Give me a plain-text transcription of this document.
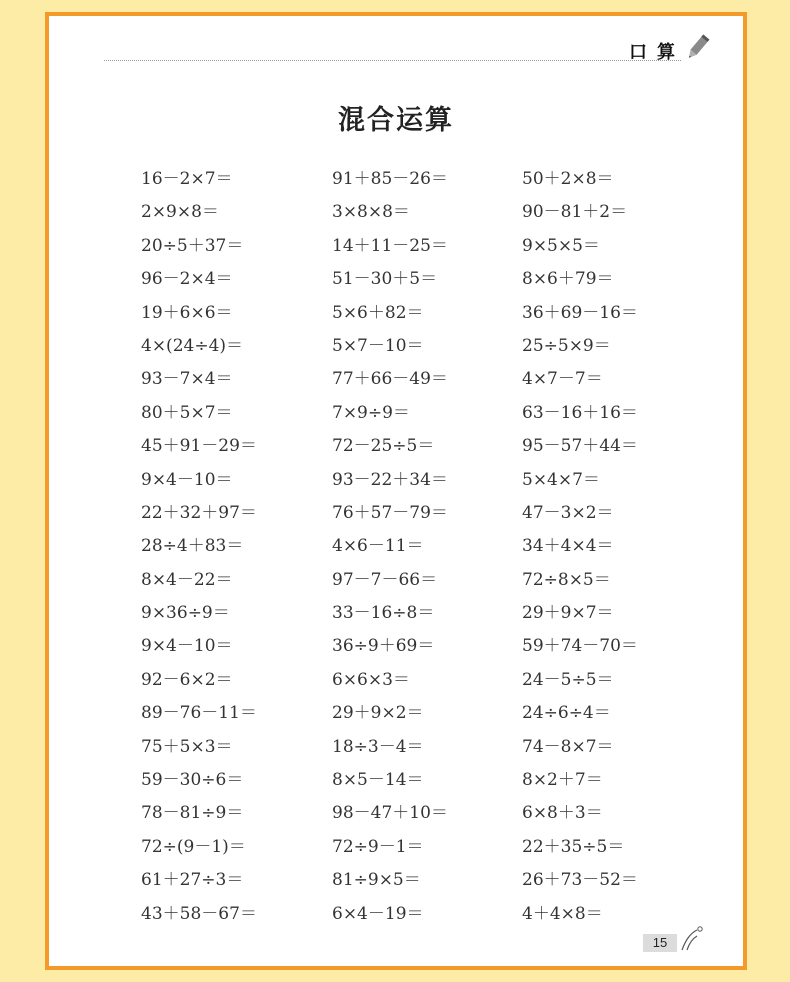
口算
混合运算
16－2×7＝	91＋85－26＝	50＋2×8＝
2×9×8＝	3×8×8＝	90－81＋2＝
20÷5＋37＝	14＋11－25＝	9×5×5＝
96－2×4＝	51－30＋5＝	8×6＋79＝
19＋6×6＝	5×6＋82＝	36＋69－16＝
4×(24÷4)＝	5×7－10＝	25÷5×9＝
93－7×4＝	77＋66－49＝	4×7－7＝
80＋5×7＝	7×9÷9＝	63－16＋16＝
45＋91－29＝	72－25÷5＝	95－57＋44＝
9×4－10＝	93－22＋34＝	5×4×7＝
22＋32＋97＝	76＋57－79＝	47－3×2＝
28÷4＋83＝	4×6－11＝	34＋4×4＝
8×4－22＝	97－7－66＝	72÷8×5＝
9×36÷9＝	33－16÷8＝	29＋9×7＝
9×4－10＝	36÷9＋69＝	59＋74－70＝
92－6×2＝	6×6×3＝	24－5÷5＝
89－76－11＝	29＋9×2＝	24÷6÷4＝
75＋5×3＝	18÷3－4＝	74－8×7＝
59－30÷6＝	8×5－14＝	8×2＋7＝
78－81÷9＝	98－47＋10＝	6×8＋3＝
72÷(9－1)＝	72÷9－1＝	22＋35÷5＝
61＋27÷3＝	81÷9×5＝	26＋73－52＝
43＋58－67＝	6×4－19＝	4＋4×8＝
15
